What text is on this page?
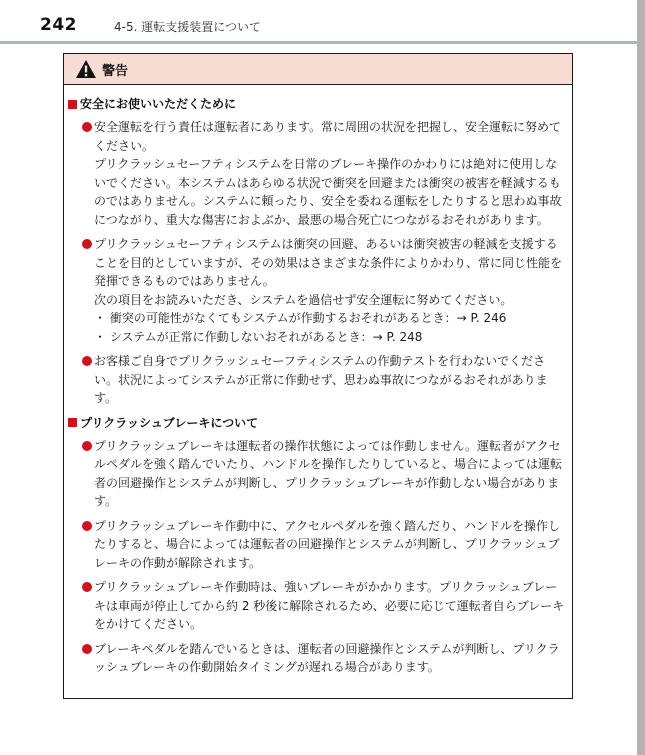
242	4-5. 運転支援装置について
警告
安全にお使いいただくために

安全運転を行う責任は運転者にあります。常に周囲の状況を把握し、安全運転に努めてください。

プリクラッシュセーフティシステムを日常のブレーキ操作のかわりには絶対に使用しないでください。本システムはあらゆる状況で衝突を回避または衝突の被害を軽減するものではありません。システムに頼ったり、安全を委ねる運転をしたりすると思わぬ事故につながり、重大な傷害におよぶか、最悪の場合死亡につながるおそれがあります。

プリクラッシュセーフティシステムは衝突の回避、あるいは衝突被害の軽減を支援することを目的としていますが、その効果はさまざまな条件によりかわり、常に同じ性能を発揮できるものではありません。

次の項目をお読みいただき、システムを過信せず安全運転に努めてください。

・ 衝突の可能性がなくてもシステムが作動するおそれがあるとき：→ P. 246

・ システムが正常に作動しないおそれがあるとき：→ P. 248

お客様ご自身でプリクラッシュセーフティシステムの作動テストを行わないでください。状況によってシステムが正常に作動せず、思わぬ事故につながるおそれがあります。

プリクラッシュブレーキについて

プリクラッシュブレーキは運転者の操作状態によっては作動しません。運転者がアクセルペダルを強く踏んでいたり、ハンドルを操作したりしていると、場合によっては運転者の回避操作とシステムが判断し、プリクラッシュブレーキが作動しない場合があります。

プリクラッシュブレーキ作動中に、アクセルペダルを強く踏んだり、ハンドルを操作したりすると、場合によっては運転者の回避操作とシステムが判断し、プリクラッシュブレーキの作動が解除されます。

プリクラッシュブレーキ作動時は、強いブレーキがかかります。プリクラッシュブレーキは車両が停止してから約 2 秒後に解除されるため、必要に応じて運転者自らブレーキをかけてください。

ブレーキペダルを踏んでいるときは、運転者の回避操作とシステムが判断し、プリクラッシュブレーキの作動開始タイミングが遅れる場合があります。
